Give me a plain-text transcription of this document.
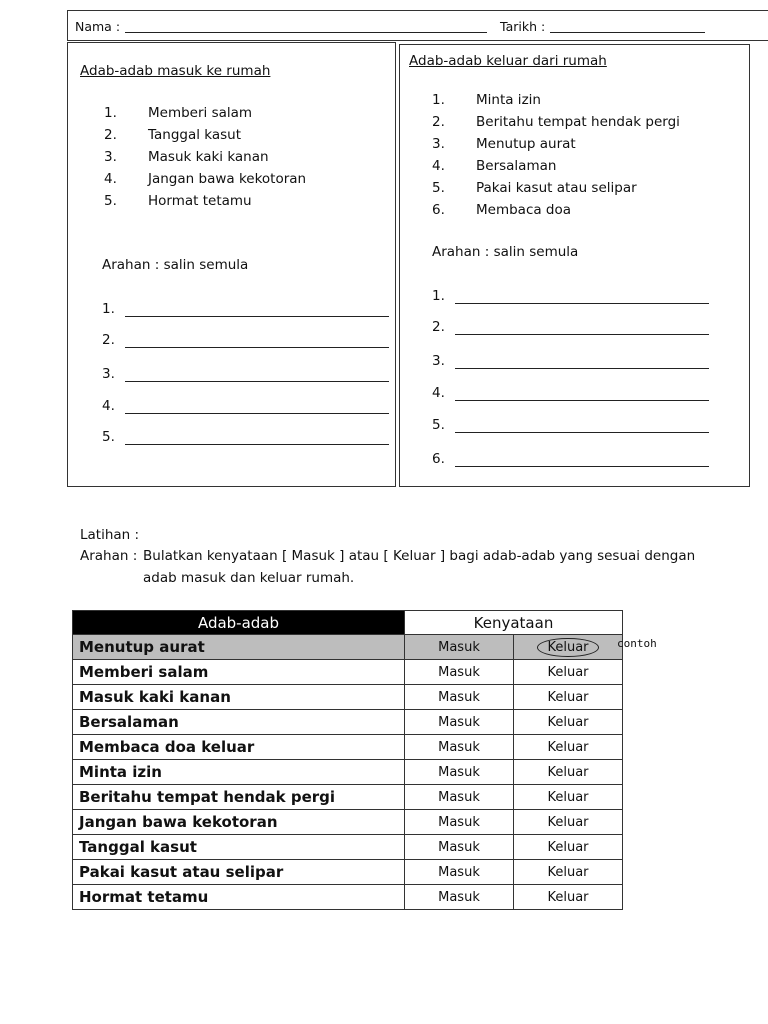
Nama :	Tarikh :
Adab-adab masuk ke rumah
1. Memberi salam
2. Tanggal kasut
3. Masuk kaki kanan
4. Jangan bawa kekotoran
5. Hormat tetamu
Arahan : salin semula
1.
2.
3.
4.
5.
Adab-adab keluar dari rumah
1. Minta izin
2. Beritahu tempat hendak pergi
3. Menutup aurat
4. Bersalaman
5. Pakai kasut atau selipar
6. Membaca doa
Arahan : salin semula
1.
2.
3.
4.
5.
6.
Latihan :
Arahan : Bulatkan kenyataan [ Masuk ] atau [ Keluar ] bagi adab-adab yang sesuai dengan
adab masuk dan keluar rumah.
Adab-adab	Kenyataan	
Menutup aurat	Masuk	Keluar
Memberi salam	Masuk	Keluar
Masuk kaki kanan	Masuk	Keluar
Bersalaman	Masuk	Keluar
Membaca doa keluar	Masuk	Keluar
Minta izin	Masuk	Keluar
Beritahu tempat hendak pergi	Masuk	Keluar
Jangan bawa kekotoran	Masuk	Keluar
Tanggal kasut	Masuk	Keluar
Pakai kasut atau selipar	Masuk	Keluar
Hormat tetamu	Masuk	Keluar
contoh
